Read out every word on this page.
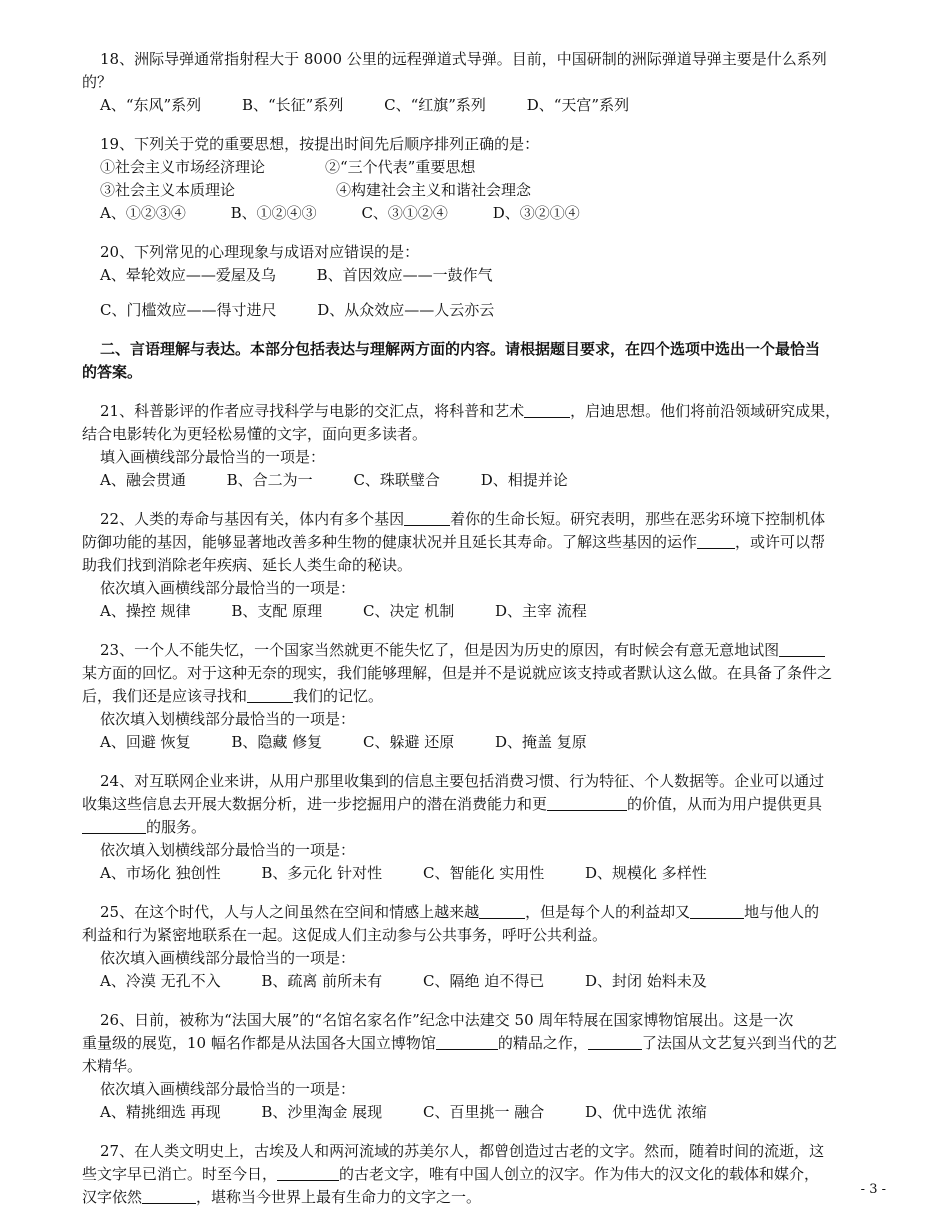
18、洲际导弹通常指射程大于 8000 公里的远程弹道式导弹。目前，中国研制的洲际弹道导弹主要是什么系列
的？
A、“东风”系列	B、“长征”系列	C、“红旗”系列	D、“天宫”系列
19、下列关于党的重要思想，按提出时间先后顺序排列正确的是：
①社会主义市场经济理论	②“三个代表”重要思想
③社会主义本质理论	④构建社会主义和谐社会理念
A、①②③④	B、①②④③	C、③①②④	D、③②①④
20、下列常见的心理现象与成语对应错误的是：
A、晕轮效应——爱屋及乌	B、首因效应——一鼓作气
C、门槛效应——得寸进尺	D、从众效应——人云亦云
二、言语理解与表达。本部分包括表达与理解两方面的内容。请根据题目要求，在四个选项中选出一个最恰当
的答案。
21、科普影评的作者应寻找科学与电影的交汇点，将科普和艺术	，启迪思想。他们将前沿领域研究成果，
结合电影转化为更轻松易懂的文字，面向更多读者。
填入画横线部分最恰当的一项是：
A、融会贯通	B、合二为一	C、珠联璧合	D、相提并论
22、人类的寿命与基因有关，体内有多个基因	着你的生命长短。研究表明，那些在恶劣环境下控制机体
防御功能的基因，能够显著地改善多种生物的健康状况并且延长其寿命。了解这些基因的运作	，或许可以帮
助我们找到消除老年疾病、延长人类生命的秘诀。
依次填入画横线部分最恰当的一项是：
A、操控 规律	B、支配 原理	C、决定 机制	D、主宰 流程
23、一个人不能失忆，一个国家当然就更不能失忆了，但是因为历史的原因，有时候会有意无意地试图
某方面的回忆。对于这种无奈的现实，我们能够理解，但是并不是说就应该支持或者默认这么做。在具备了条件之
后，我们还是应该寻找和	我们的记忆。
依次填入划横线部分最恰当的一项是：
A、回避 恢复	B、隐藏 修复	C、躲避 还原	D、掩盖 复原
24、对互联网企业来讲，从用户那里收集到的信息主要包括消费习惯、行为特征、个人数据等。企业可以通过
收集这些信息去开展大数据分析，进一步挖掘用户的潜在消费能力和更	的价值，从而为用户提供更具
的服务。
依次填入划横线部分最恰当的一项是：
A、市场化 独创性	B、多元化 针对性	C、智能化 实用性	D、规模化 多样性
25、在这个时代，人与人之间虽然在空间和情感上越来越	，但是每个人的利益却又	地与他人的
利益和行为紧密地联系在一起。这促成人们主动参与公共事务，呼吁公共利益。
依次填入画横线部分最恰当的一项是：
A、冷漠 无孔不入	B、疏离 前所未有	C、隔绝 迫不得已	D、封闭 始料未及
26、日前，被称为“法国大展”的“名馆名家名作”纪念中法建交 50 周年特展在国家博物馆展出。这是一次
重量级的展览，10 幅名作都是从法国各大国立博物馆	的精品之作，	了法国从文艺复兴到当代的艺
术精华。
依次填入画横线部分最恰当的一项是：
A、精挑细选 再现	B、沙里淘金 展现	C、百里挑一 融合	D、优中选优 浓缩
27、在人类文明史上，古埃及人和两河流域的苏美尔人，都曾创造过古老的文字。然而，随着时间的流逝，这
些文字早已消亡。时至今日，	的古老文字，唯有中国人创立的汉字。作为伟大的汉文化的载体和媒介，
汉字依然	，堪称当今世界上最有生命力的文字之一。	- 3 -
